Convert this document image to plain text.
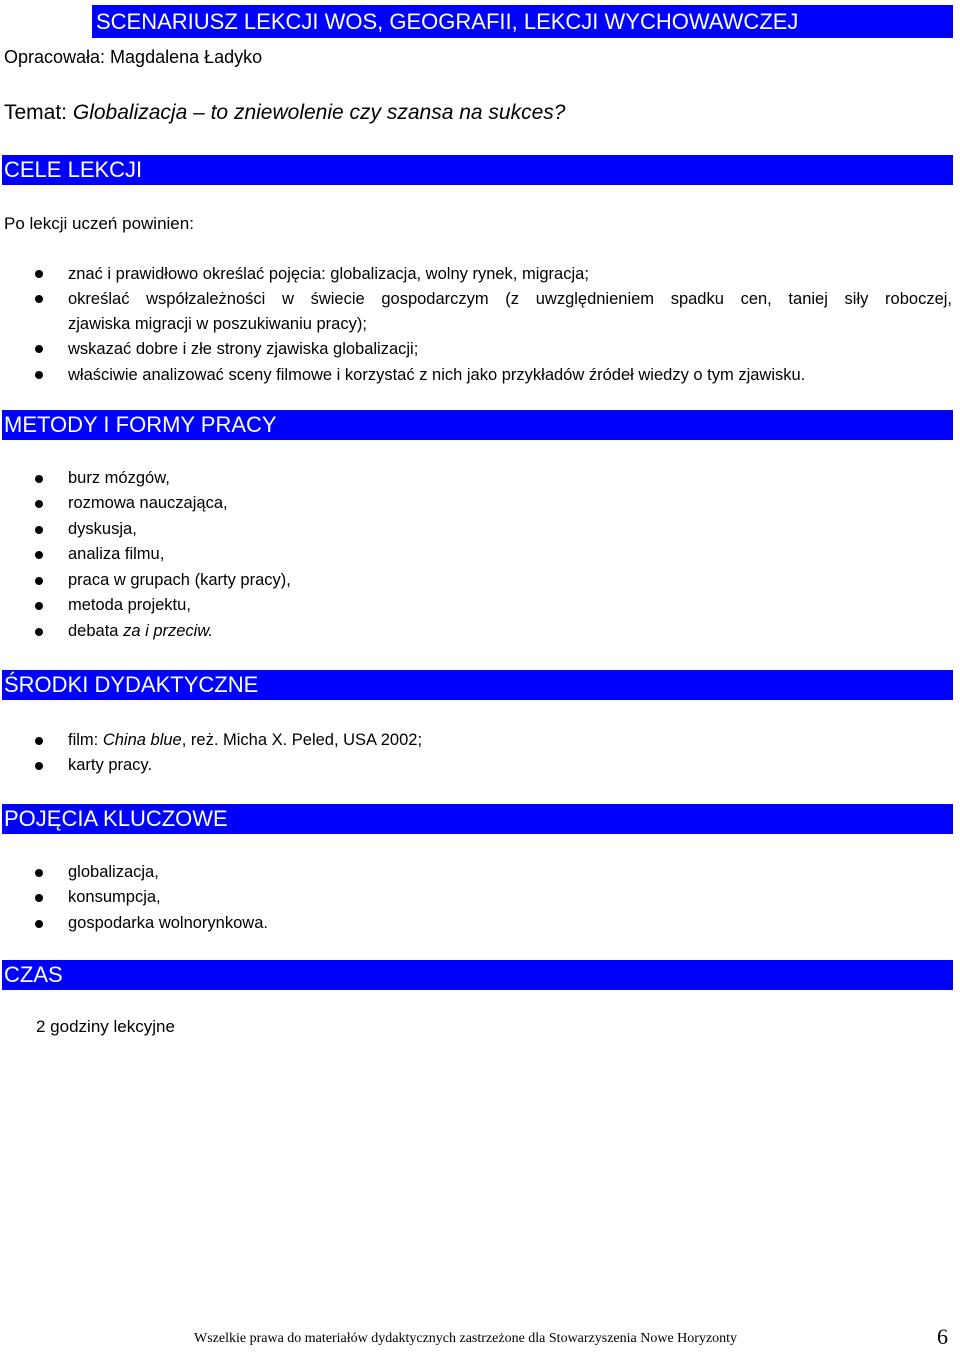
SCENARIUSZ LEKCJI WOS, GEOGRAFII, LEKCJI WYCHOWAWCZEJ
Opracowała: Magdalena Ładyko
Temat: Globalizacja – to zniewolenie czy szansa na sukces?
CELE LEKCJI
Po lekcji uczeń powinien:
znać i prawidłowo określać pojęcia: globalizacja, wolny rynek, migracja;
określać współzależności w świecie gospodarczym (z uwzględnieniem spadku cen, taniej siły roboczej,
zjawiska migracji w poszukiwaniu pracy);
wskazać dobre i złe strony zjawiska globalizacji;
właściwie analizować sceny filmowe i korzystać z nich jako przykładów źródeł wiedzy o tym zjawisku.
METODY I FORMY PRACY
burz mózgów,
rozmowa nauczająca,
dyskusja,
analiza filmu,
praca w grupach (karty pracy),
metoda projektu,
debata za i przeciw.
ŚRODKI DYDAKTYCZNE
film: China blue, reż. Micha X. Peled, USA 2002;
karty pracy.
POJĘCIA KLUCZOWE
globalizacja,
konsumpcja,
gospodarka wolnorynkowa.
CZAS
2 godziny lekcyjne
Wszelkie prawa do materiałów dydaktycznych zastrzeżone dla Stowarzyszenia Nowe Horyzonty	6
